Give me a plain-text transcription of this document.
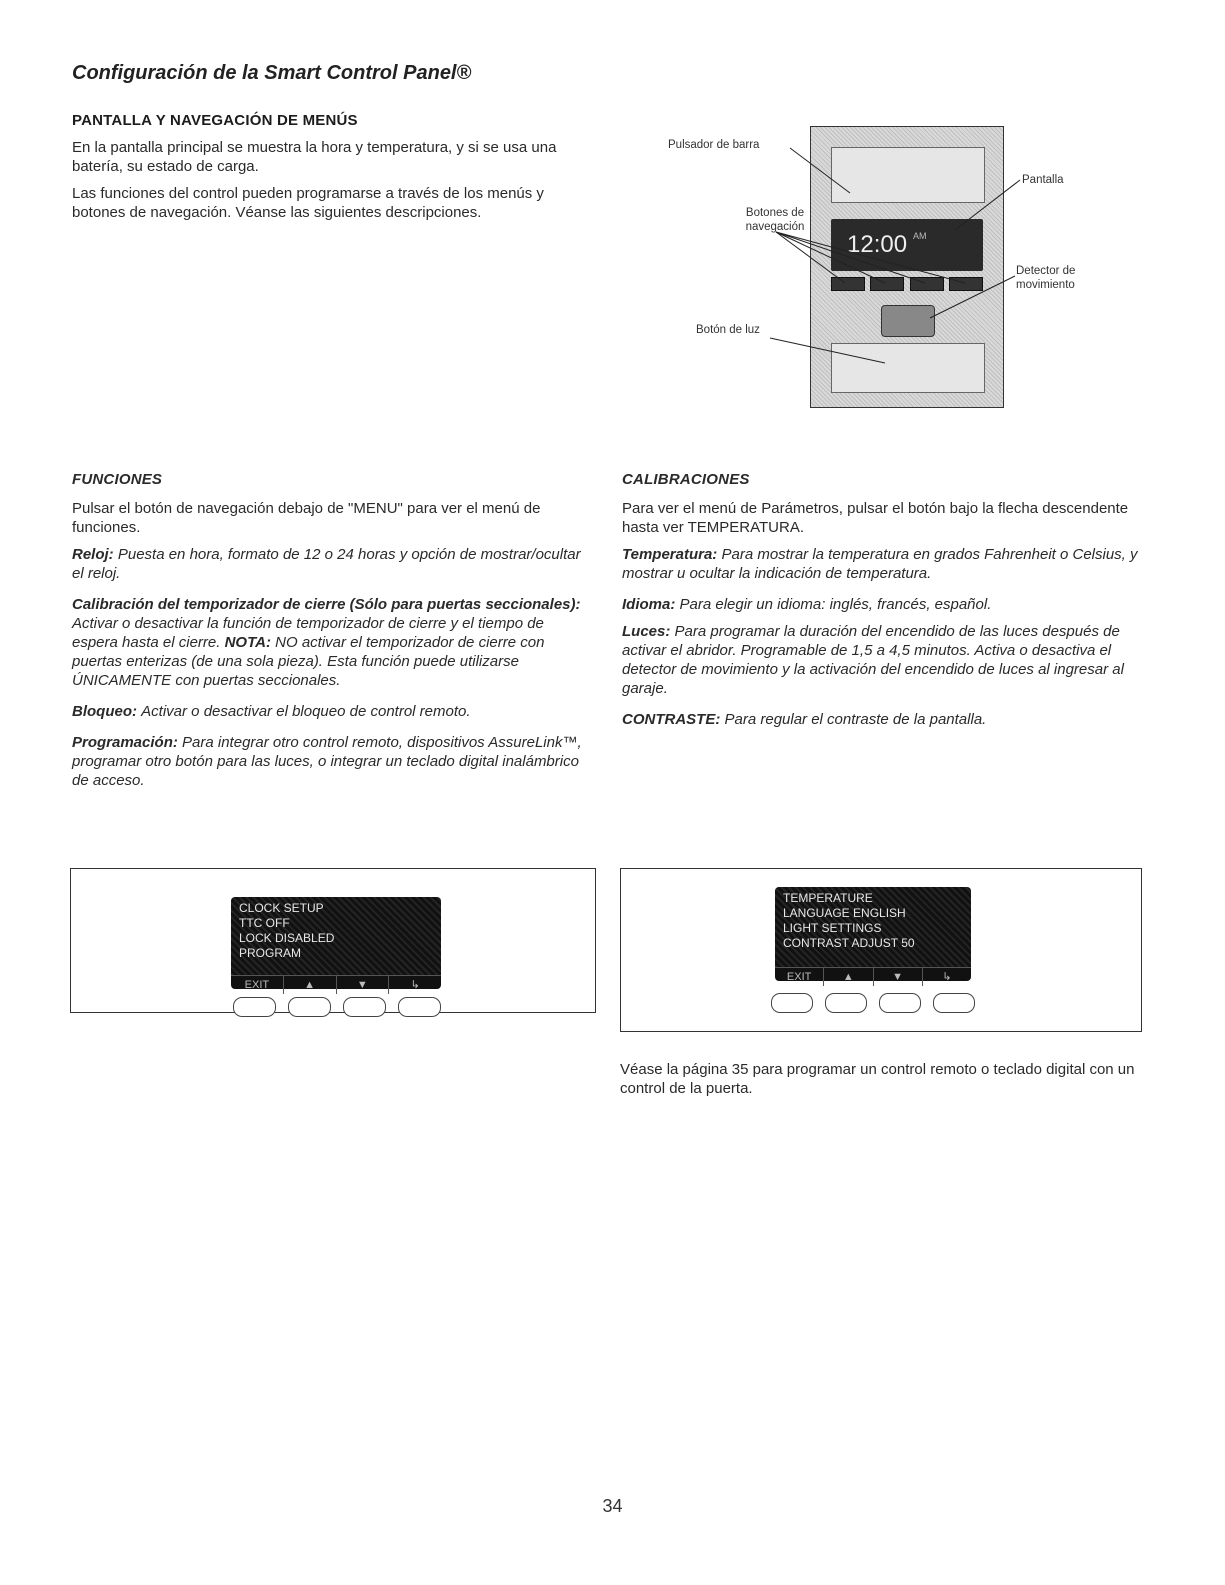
Configuración de la Smart Control Panel®
PANTALLA Y NAVEGACIÓN DE MENÚS

En la pantalla principal se muestra la hora y temperatura, y si se usa una batería, su estado de carga.

Las funciones del control pueden programarse a través de los menús y botones de navegación. Véanse las siguientes descripciones.

Pulsador de barra
Botones de navegación
Botón de luz
Pantalla
Detector de movimiento
12:00 AM
FUNCIONES

Pulsar el botón de navegación debajo de "MENU" para ver el menú de funciones.

Reloj: Puesta en hora, formato de 12 o 24 horas y opción de mostrar/ocultar el reloj.

Calibración del temporizador de cierre (Sólo para puertas seccionales): Activar o desactivar la función de temporizador de cierre y el tiempo de espera hasta el cierre. NOTA: NO activar el temporizador de cierre con puertas enterizas (de una sola pieza). Esta función puede utilizarse ÚNICAMENTE con puertas seccionales.

Bloqueo: Activar o desactivar el bloqueo de control remoto.

Programación: Para integrar otro control remoto, dispositivos AssureLink™, programar otro botón para las luces, o integrar un teclado digital inalámbrico de acceso.

CALIBRACIONES

Para ver el menú de Parámetros, pulsar el botón bajo la flecha descendente hasta ver TEMPERATURA.

Temperatura: Para mostrar la temperatura en grados Fahrenheit o Celsius, y mostrar u ocultar la indicación de temperatura.

Idioma: Para elegir un idioma: inglés, francés, español.

Luces: Para programar la duración del encendido de las luces después de activar el abridor. Programable de 1,5 a 4,5 minutos. Activa o desactiva el detector de movimiento y la activación del encendido de luces al ingresar al garaje.

CONTRASTE: Para regular el contraste de la pantalla.

CLOCK SETUP
TTC OFF
LOCK DISABLED
PROGRAM
EXIT	▲	▼	↳
TEMPERATURE
LANGUAGE ENGLISH
LIGHT SETTINGS
CONTRAST ADJUST 50
EXIT	▲	▼	↳
Véase la página 35 para programar un control remoto o teclado digital con un control de la puerta.
34
